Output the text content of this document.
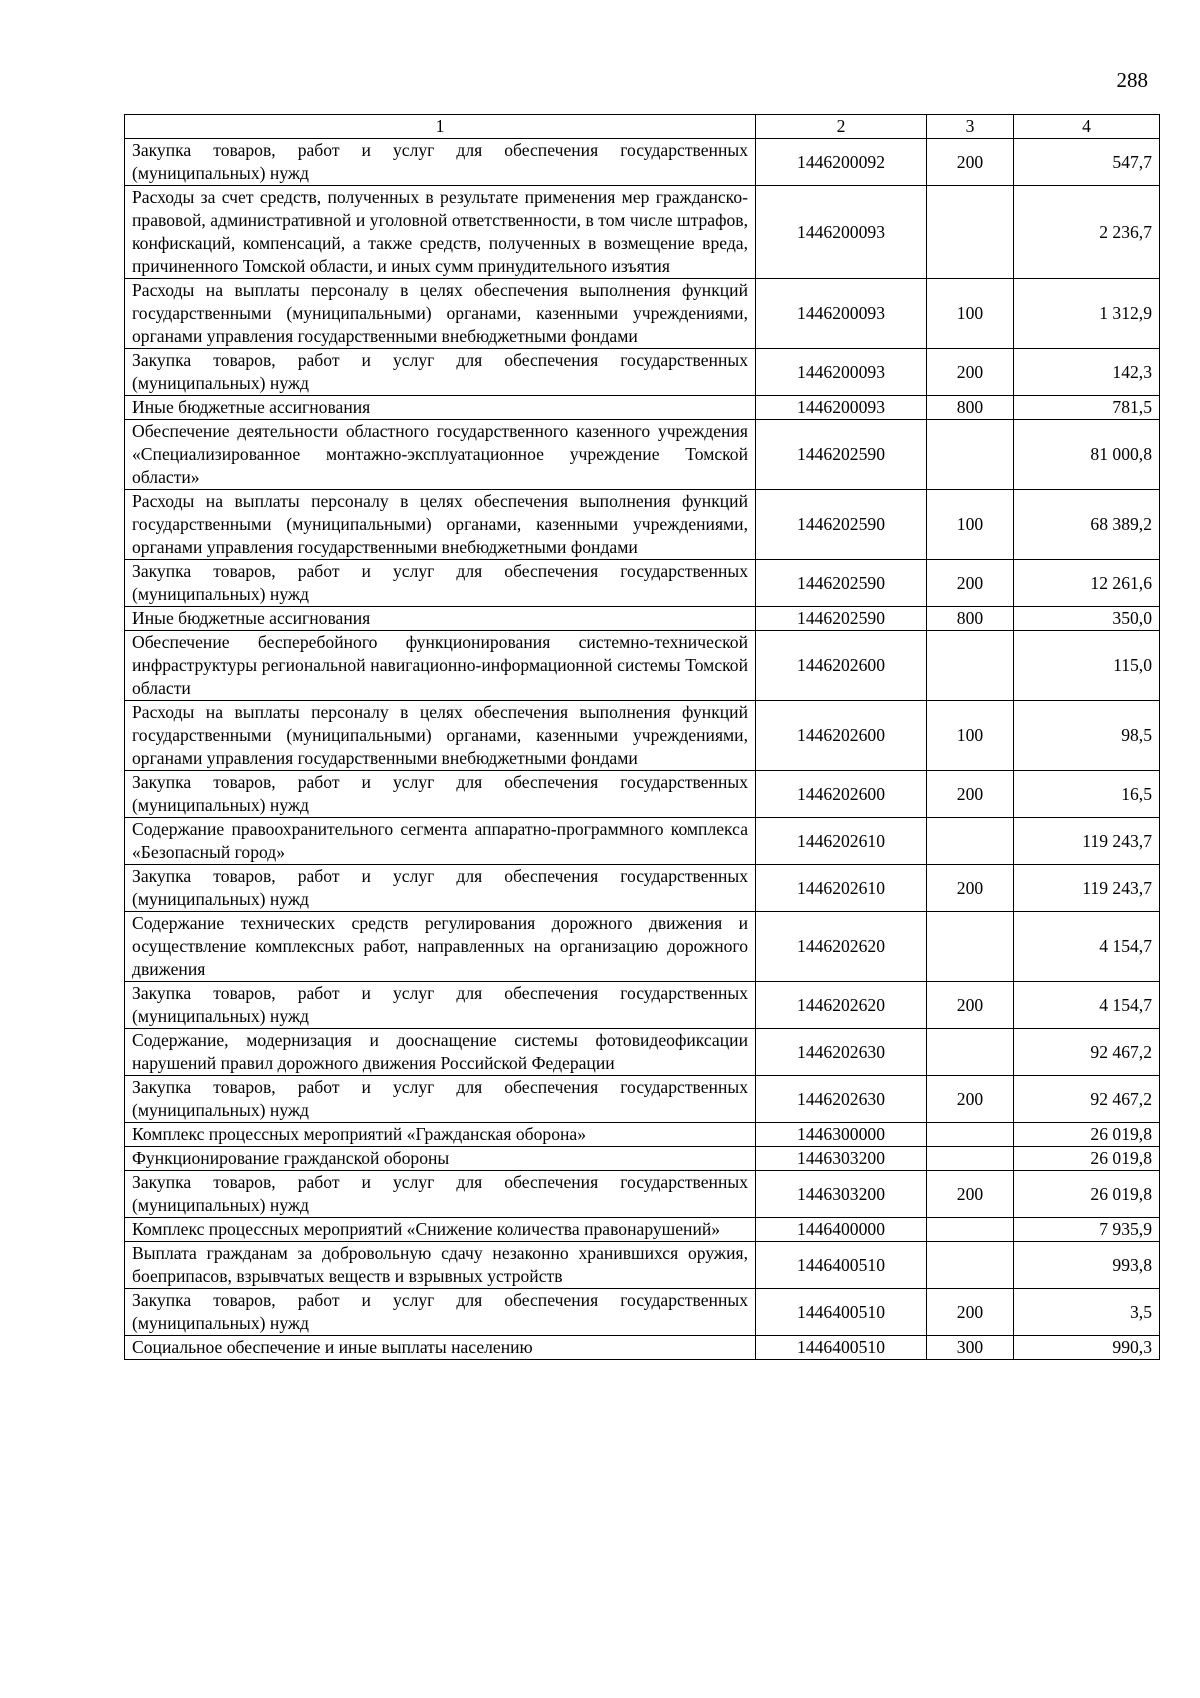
288
1	2	3	4
Закупка товаров, работ и услуг для обеспечения государственных (муниципальных) нужд	1446200092	200	547,7
Расходы за счет средств, полученных в результате применения мер гражданско-правовой, административной и уголовной ответственности, в том числе штрафов, конфискаций, компенсаций, а также средств, полученных в возмещение вреда, причиненного Томской области, и иных сумм принудительного изъятия	1446200093		2 236,7
Расходы на выплаты персоналу в целях обеспечения выполнения функций государственными (муниципальными) органами, казенными учреждениями, органами управления государственными внебюджетными фондами	1446200093	100	1 312,9
Закупка товаров, работ и услуг для обеспечения государственных (муниципальных) нужд	1446200093	200	142,3
Иные бюджетные ассигнования	1446200093	800	781,5
Обеспечение деятельности областного государственного казенного учреждения «Специализированное монтажно-эксплуатационное учреждение Томской области»	1446202590		81 000,8
Расходы на выплаты персоналу в целях обеспечения выполнения функций государственными (муниципальными) органами, казенными учреждениями, органами управления государственными внебюджетными фондами	1446202590	100	68 389,2
Закупка товаров, работ и услуг для обеспечения государственных (муниципальных) нужд	1446202590	200	12 261,6
Иные бюджетные ассигнования	1446202590	800	350,0
Обеспечение бесперебойного функционирования системно-технической инфраструктуры региональной навигационно-информационной системы Томской области	1446202600		115,0
Расходы на выплаты персоналу в целях обеспечения выполнения функций государственными (муниципальными) органами, казенными учреждениями, органами управления государственными внебюджетными фондами	1446202600	100	98,5
Закупка товаров, работ и услуг для обеспечения государственных (муниципальных) нужд	1446202600	200	16,5
Содержание правоохранительного сегмента аппаратно-программного комплекса «Безопасный город»	1446202610		119 243,7
Закупка товаров, работ и услуг для обеспечения государственных (муниципальных) нужд	1446202610	200	119 243,7
Содержание технических средств регулирования дорожного движения и осуществление комплексных работ, направленных на организацию дорожного движения	1446202620		4 154,7
Закупка товаров, работ и услуг для обеспечения государственных (муниципальных) нужд	1446202620	200	4 154,7
Содержание, модернизация и дооснащение системы фотовидеофиксации нарушений правил дорожного движения Российской Федерации	1446202630		92 467,2
Закупка товаров, работ и услуг для обеспечения государственных (муниципальных) нужд	1446202630	200	92 467,2
Комплекс процессных мероприятий «Гражданская оборона»	1446300000		26 019,8
Функционирование гражданской обороны	1446303200		26 019,8
Закупка товаров, работ и услуг для обеспечения государственных (муниципальных) нужд	1446303200	200	26 019,8
Комплекс процессных мероприятий «Снижение количества правонарушений»	1446400000		7 935,9
Выплата гражданам за добровольную сдачу незаконно хранившихся оружия, боеприпасов, взрывчатых веществ и взрывных устройств	1446400510		993,8
Закупка товаров, работ и услуг для обеспечения государственных (муниципальных) нужд	1446400510	200	3,5
Социальное обеспечение и иные выплаты населению	1446400510	300	990,3
